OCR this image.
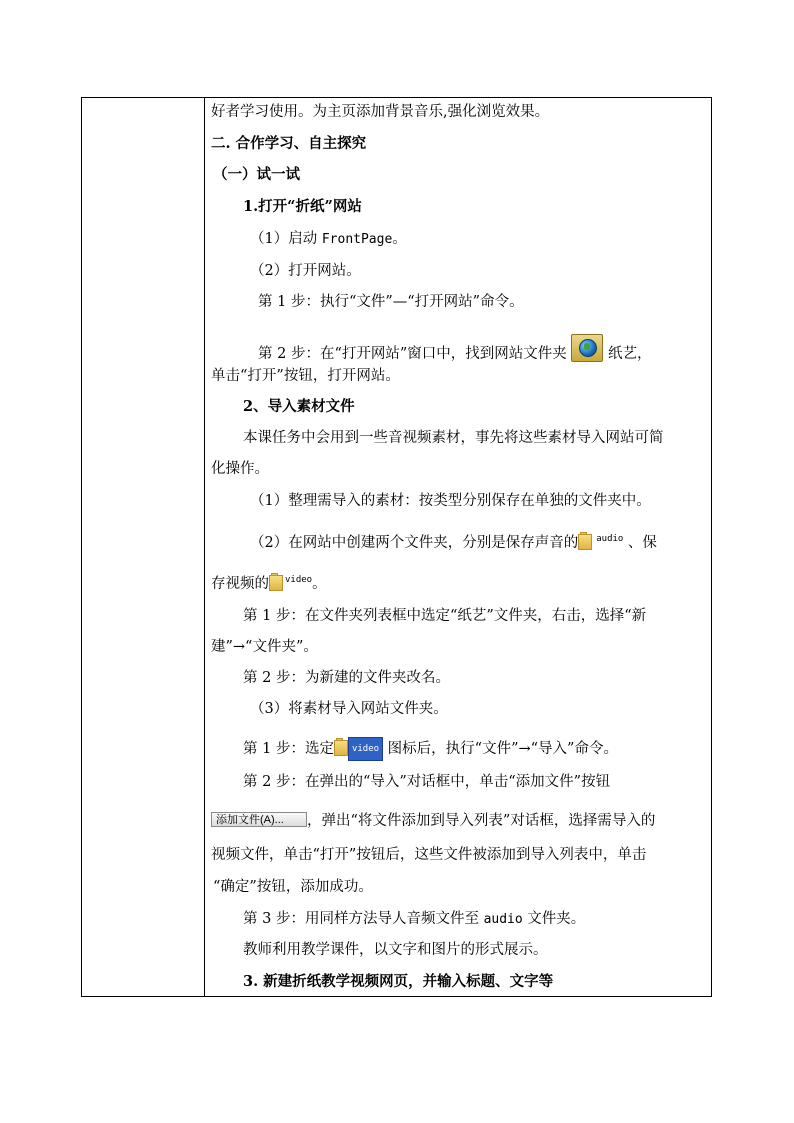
好者学习使用。为主页添加背景音乐,强化浏览效果。
二. 合作学习、自主探究
（一）试一试
1.打开“折纸”网站
（1）启动 FrontPage。
（2）打开网站。
第 1 步：执行“文件”—“打开网站”命令。
第 2 步：在“打开网站”窗口中，找到网站文件夹
纸艺，
单击“打开”按钮，打开网站。
2、导入素材文件
本课任务中会用到一些音视频素材，事先将这些素材导入网站可简
化操作。
（1）整理需导入的素材：按类型分别保存在单独的文件夹中。
（2）在网站中创建两个文件夹，分别是保存声音的 $^{audio}$ 、保
存视频的 $^{video}$。
第 1 步：在文件夹列表框中选定“纸艺”文件夹，右击，选择“新
建”→“文件夹”。
第 2 步：为新建的文件夹改名。
（3）将素材导入网站文件夹。
第 1 步：选定 video 图标后，执行“文件”→“导入”命令。
第 2 步：在弹出的“导入”对话框中，单击“添加文件”按钮
添加文件(A)... ，弹出“将文件添加到导入列表”对话框，选择需导入的
视频文件，单击“打开”按钮后，这些文件被添加到导入列表中，单击
“确定”按钮，添加成功。
第 3 步：用同样方法导人音频文件至 audio 文件夹。
教师利用教学课件，以文字和图片的形式展示。
3. 新建折纸教学视频网页，并输入标题、文字等
